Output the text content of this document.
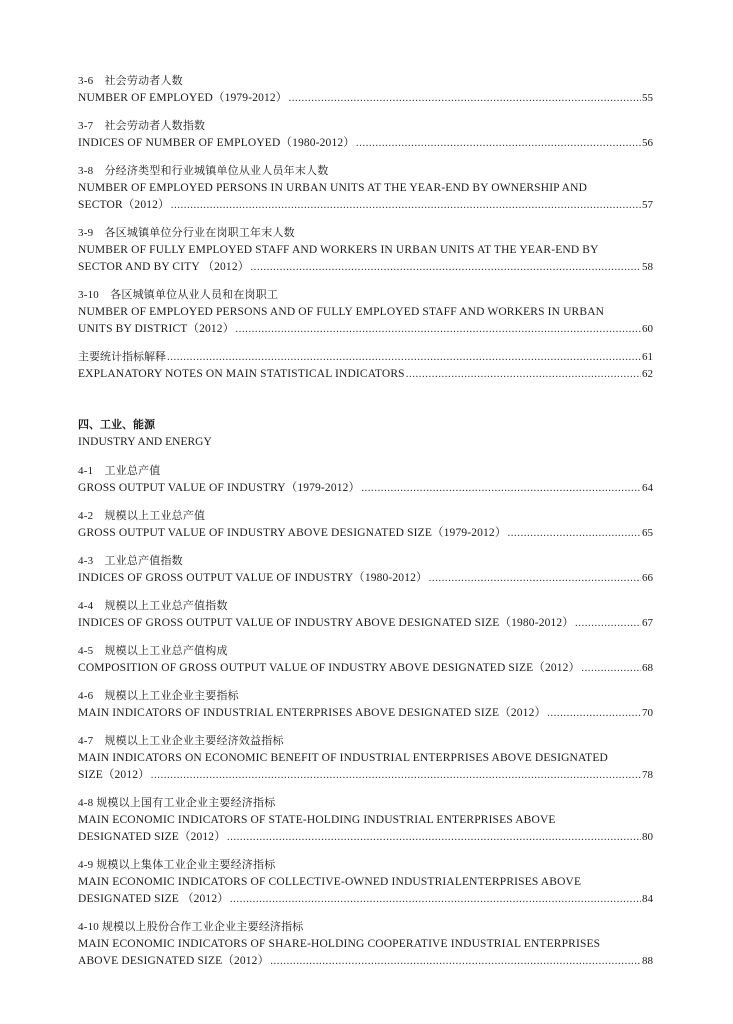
3-6　社会劳动者人数
NUMBER OF EMPLOYED（1979-2012） .....	55
3-7　社会劳动者人数指数
INDICES OF NUMBER OF EMPLOYED（1980-2012） .....	56
3-8　分经济类型和行业城镇单位从业人员年末人数
NUMBER OF EMPLOYED PERSONS IN URBAN UNITS AT THE YEAR-END BY OWNERSHIP AND
SECTOR（2012） .....	57
3-9　各区城镇单位分行业在岗职工年末人数
NUMBER OF FULLY EMPLOYED STAFF AND WORKERS IN URBAN UNITS AT THE YEAR-END BY
SECTOR AND BY CITY （2012） .....	58
3-10　各区城镇单位从业人员和在岗职工
NUMBER OF EMPLOYED PERSONS AND OF FULLY EMPLOYED STAFF AND WORKERS IN URBAN
UNITS BY DISTRICT（2012） .....	60
主要统计指标解释 .....	61
EXPLANATORY NOTES ON MAIN STATISTICAL INDICATORS .....	62
四、工业、能源
INDUSTRY AND ENERGY
4-1　工业总产值
GROSS OUTPUT VALUE OF INDUSTRY（1979-2012） .....	64
4-2　规模以上工业总产值
GROSS OUTPUT VALUE OF INDUSTRY ABOVE DESIGNATED SIZE（1979-2012） .....	65
4-3　工业总产值指数
INDICES OF GROSS OUTPUT VALUE OF INDUSTRY（1980-2012） .....	66
4-4　规模以上工业总产值指数
INDICES OF GROSS OUTPUT VALUE OF INDUSTRY ABOVE DESIGNATED SIZE（1980-2012） .....	67
4-5　规模以上工业总产值构成
COMPOSITION OF GROSS OUTPUT VALUE OF INDUSTRY ABOVE DESIGNATED SIZE（2012） .....	68
4-6　规模以上工业企业主要指标
MAIN INDICATORS OF INDUSTRIAL ENTERPRISES ABOVE DESIGNATED SIZE（2012） .....	70
4-7　规模以上工业企业主要经济效益指标
MAIN INDICATORS ON ECONOMIC BENEFIT OF INDUSTRIAL ENTERPRISES ABOVE DESIGNATED
SIZE（2012） .....	78
4-8 规模以上国有工业企业主要经济指标
MAIN ECONOMIC INDICATORS OF STATE-HOLDING INDUSTRIAL ENTERPRISES ABOVE
DESIGNATED SIZE（2012） .....	80
4-9 规模以上集体工业企业主要经济指标
MAIN ECONOMIC INDICATORS OF COLLECTIVE-OWNED INDUSTRIALENTERPRISES ABOVE
DESIGNATED SIZE （2012） .....	84
4-10 规模以上股份合作工业企业主要经济指标
MAIN ECONOMIC INDICATORS OF SHARE-HOLDING COOPERATIVE INDUSTRIAL ENTERPRISES
ABOVE DESIGNATED SIZE（2012） .....	88
